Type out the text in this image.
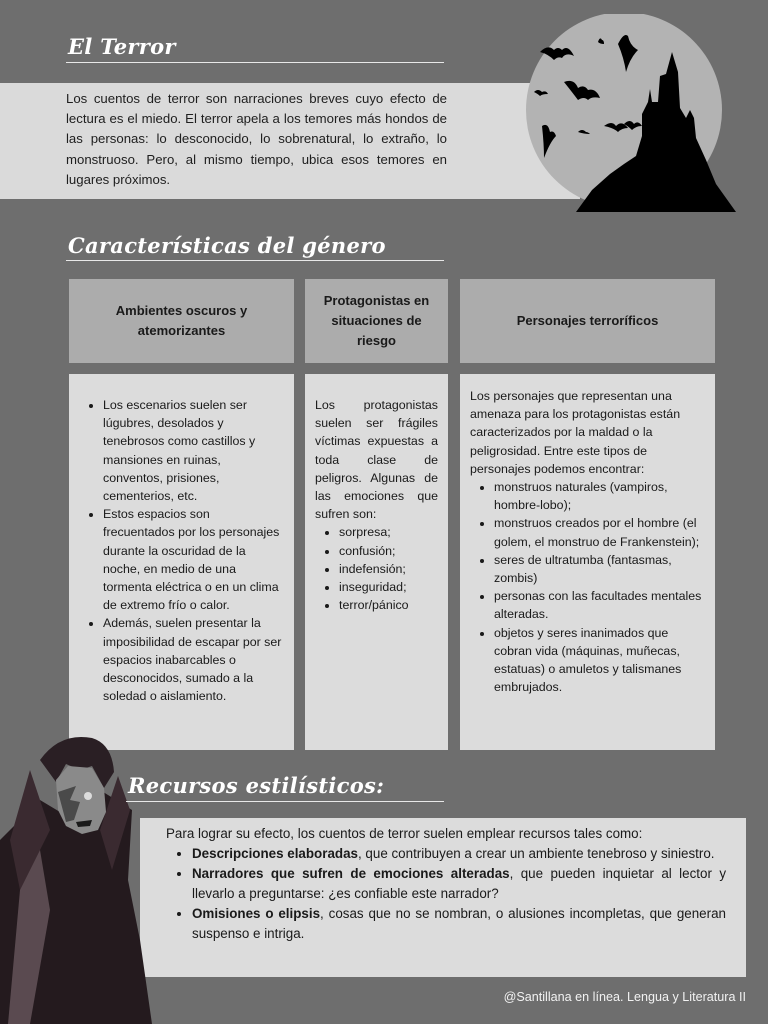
El Terror
Los cuentos de terror son narraciones breves cuyo efecto de lectura es el miedo. El terror apela a los temores más hondos de las personas: lo desconocido, lo sobrenatural, lo extraño, lo monstruoso. Pero, al mismo tiempo, ubica esos temores en lugares próximos.
Características del género
Ambientes oscuros y atemorizantes
Protagonistas en situaciones de riesgo
Personajes terroríficos
• Los escenarios suelen ser lúgubres, desolados y tenebrosos como castillos y mansiones en ruinas, conventos, prisiones, cementerios, etc.
• Estos espacios son frecuentados por los personajes durante la oscuridad de la noche, en medio de una tormenta eléctrica o en un clima de extremo frío o calor.
• Además, suelen presentar la imposibilidad de escapar por ser espacios inabarcables o desconocidos, sumado a la soledad o aislamiento.
Los protagonistas suelen ser frágiles víctimas expuestas a toda clase de peligros. Algunas de las emociones que sufren son:
• sorpresa;
• confusión;
• indefensión;
• inseguridad;
• terror/pánico
Los personajes que representan una amenaza para los protagonistas están caracterizados por la maldad o la peligrosidad. Entre este tipos de personajes podemos encontrar:
• monstruos naturales (vampiros, hombre-lobo);
• monstruos creados por el hombre (el golem, el monstruo de Frankenstein);
• seres de ultratumba (fantasmas, zombis)
• personas con las facultades mentales alteradas.
• objetos y seres inanimados que cobran vida (máquinas, muñecas, estatuas) o amuletos y talismanes embrujados.
Recursos estilísticos:
Para lograr su efecto, los cuentos de terror suelen emplear recursos tales como:
• Descripciones elaboradas, que contribuyen a crear un ambiente tenebroso y siniestro.
• Narradores que sufren de emociones alteradas, que pueden inquietar al lector y llevarlo a preguntarse: ¿es confiable este narrador?
• Omisiones o elipsis, cosas que no se nombran, o alusiones incompletas, que generan suspenso e intriga.
@Santillana en línea. Lengua y Literatura II
